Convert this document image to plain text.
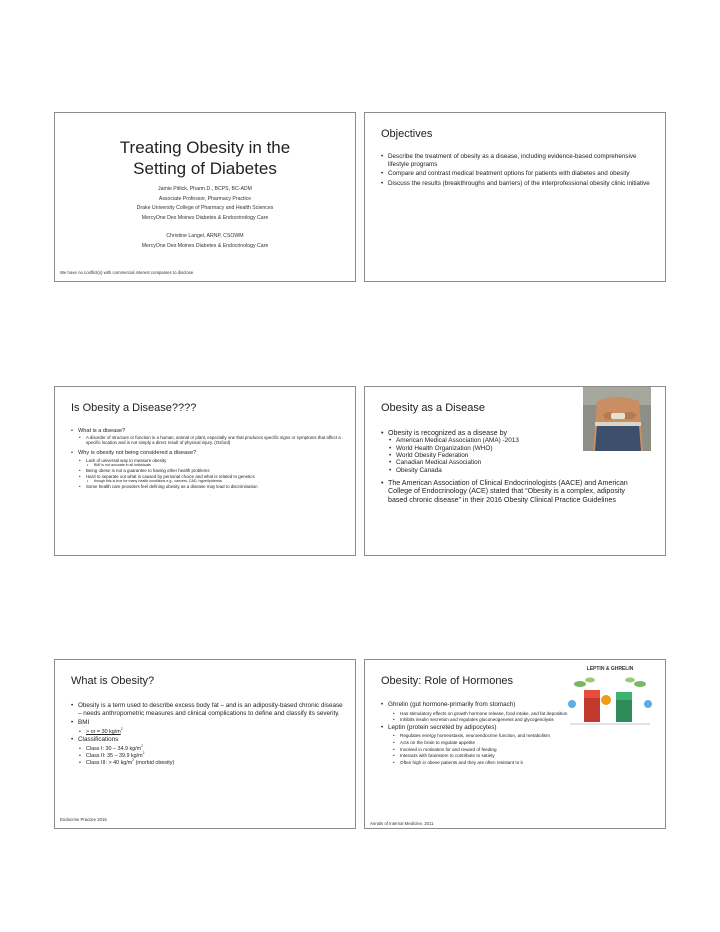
Treating Obesity in the
Setting of Diabetes
Jamie Pitlick, Pharm.D., BCPS, BC-ADM
Associate Professor, Pharmacy Practice
Drake University College of Pharmacy and Health Sciences
MercyOne Des Moines Diabetes & Endocrinology Care
Christine Langel, ARNP, CSOWM
MercyOne Des Moines Diabetes & Endocrinology Care
We have no conflict(s) with commercial interest companies to disclose.
Objectives
• Describe the treatment of obesity as a disease, including evidence-based comprehensive lifestyle programs
• Compare and contrast medical treatment options for patients with diabetes and obesity
• Discuss the results (breakthroughs and barriers) of the interprofessional obesity clinic initiative
Is Obesity a Disease????
• What is a disease?
• A disorder of structure or function in a human, animal or plant, especially one that produces specific signs or symptoms that affect a specific location and is not simply a direct result of physical injury. (Oxford)
• Why is obesity not being considered a disease?
• Lack of universal way to measure obesity
• BMI is not accurate in all individuals
• Being obese is not a guarantee to having other health problems
• Hard to separate out what is caused by personal choice and what is related to genetics
• though this is true for many health conditions e.g.: cancers, CAD, hyperlipidemia.
• Some health care providers feel defining obesity as a disease may lead to discrimination
Obesity as a Disease
• Obesity is recognized as a disease by
• American Medical Association (AMA) -2013
• World Health Organization (WHO)
• World Obesity Federation
• Canadian Medical Association
• Obesity Canada
• The American Association of Clinical Endocrinologists (AACE) and American College of Endocrinology (ACE) stated that “Obesity is a complex, adiposity based chronic disease” in their 2016 Obesity Clinical Practice Guidelines
What is Obesity?
• Obesity is a term used to describe excess body fat – and is an adiposity-based chronic disease – needs anthropometric measures and clinical complications to define and classify its severity.
• BMI
• > or = 30 $kg/m^2$
• Classifications
• Class I: 30 – 34.9 $kg/m^2$
• Class II: 35 – 39.9 $kg/m^2$
• Class III: > 40 $kg/m^2$ (morbid obesity)
Endocrine Practice 2016
Obesity: Role of Hormones
LEPTIN & GHRELIN
• Ghrelin (gut hormone-primarily from stomach)
• Has stimulatory effects on growth hormone release, food intake, and fat deposition
• Inhibits insulin secretion and regulates gluconeogenesis and glycogenolysis
• Leptin (protein secreted by adipocytes)
• Regulates energy homeostasis, neuroendocrine function, and metabolism
• Acts on the brain to regulate appetite
• Involved in motivation for and reward of feeding
• Interacts with brainstem to contribute to satiety
• Often high in obese patients and they are often resistant to it
Annals of Internal Medicine, 2011
